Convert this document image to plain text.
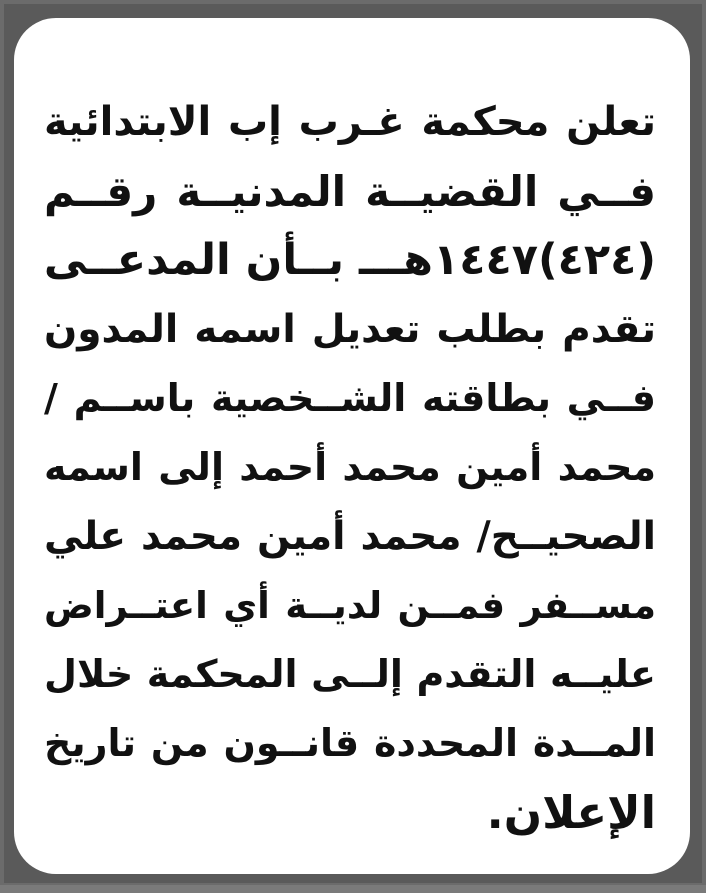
تعلن محكمة غـرب إب الابتدائية
فــي القضيــة المدنيــة رقــم
(٤٢٤)١٤٤٧هـــ بــأن المدعــى
تقدم بطلب تعديل اسمه المدون
فــي بطاقته الشــخصية باســم /
محمد أمين محمد أحمد إلى اسمه
الصحيــح/ محمد أمين محمد علي
مســفر فمــن لديــة أي اعتــراض
عليــه التقدم إلــى المحكمة خلال
المــدة المحددة قانــون من تاريخ
الإعلان.
